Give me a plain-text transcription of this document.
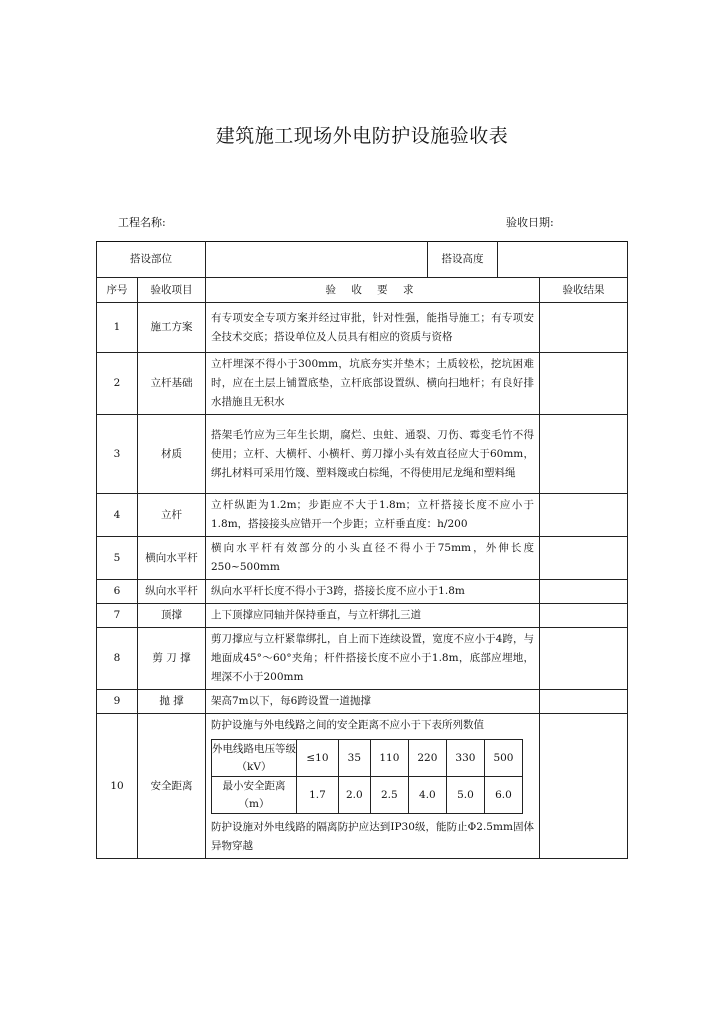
建筑施工现场外电防护设施验收表
工程名称:	验收日期:
搭设部位		搭设高度	
序号	验收项目	验 收 要 求	验收结果
1	施工方案	有专项安全专项方案并经过审批，针对性强，能指导施工；有专项安全技术交底；搭设单位及人员具有相应的资质与资格	
2	立杆基础	立杆埋深不得小于300mm，坑底夯实并垫木；土质较松，挖坑困难时，应在土层上铺置底垫，立杆底部设置纵、横向扫地杆；有良好排水措施且无积水	
3	材质	搭架毛竹应为三年生长期，腐烂、虫蛀、通裂、刀伤、霉变毛竹不得使用；立杆、大横杆、小横杆、剪刀撑小头有效直径应大于60mm，绑扎材料可采用竹篾、塑料篾或白棕绳，不得使用尼龙绳和塑料绳	
4	立杆	立杆纵距为1.2m；步距应不大于1.8m；立杆搭接长度不应小于1.8m，搭接接头应错开一个步距；立杆垂直度：h/200	
5	横向水平杆	横向水平杆有效部分的小头直径不得小于75mm，外伸长度250~500mm	
6	纵向水平杆	纵向水平杆长度不得小于3跨，搭接长度不应小于1.8m	
7	顶撑	上下顶撑应同轴并保持垂直，与立杆绑扎三道	
8	剪 刀 撑	剪刀撑应与立杆紧靠绑扎，自上而下连续设置，宽度不应小于4跨，与地面成45°～60°夹角；杆件搭接长度不应小于1.8m，底部应埋地，埋深不小于200mm	
9	抛 撑	架高7m以下，每6跨设置一道抛撑	
10	安全距离	
防护设施与外电线路之间的安全距离不应小于下表所列数值
外电线路电压等级（kV）	≤10	35	110	220	330	500
最小安全距离（m）	1.7	2.0	2.5	4.0	5.0	6.0
防护设施对外电线路的隔离防护应达到IP30级，能防止Φ2.5mm固体异物穿越
